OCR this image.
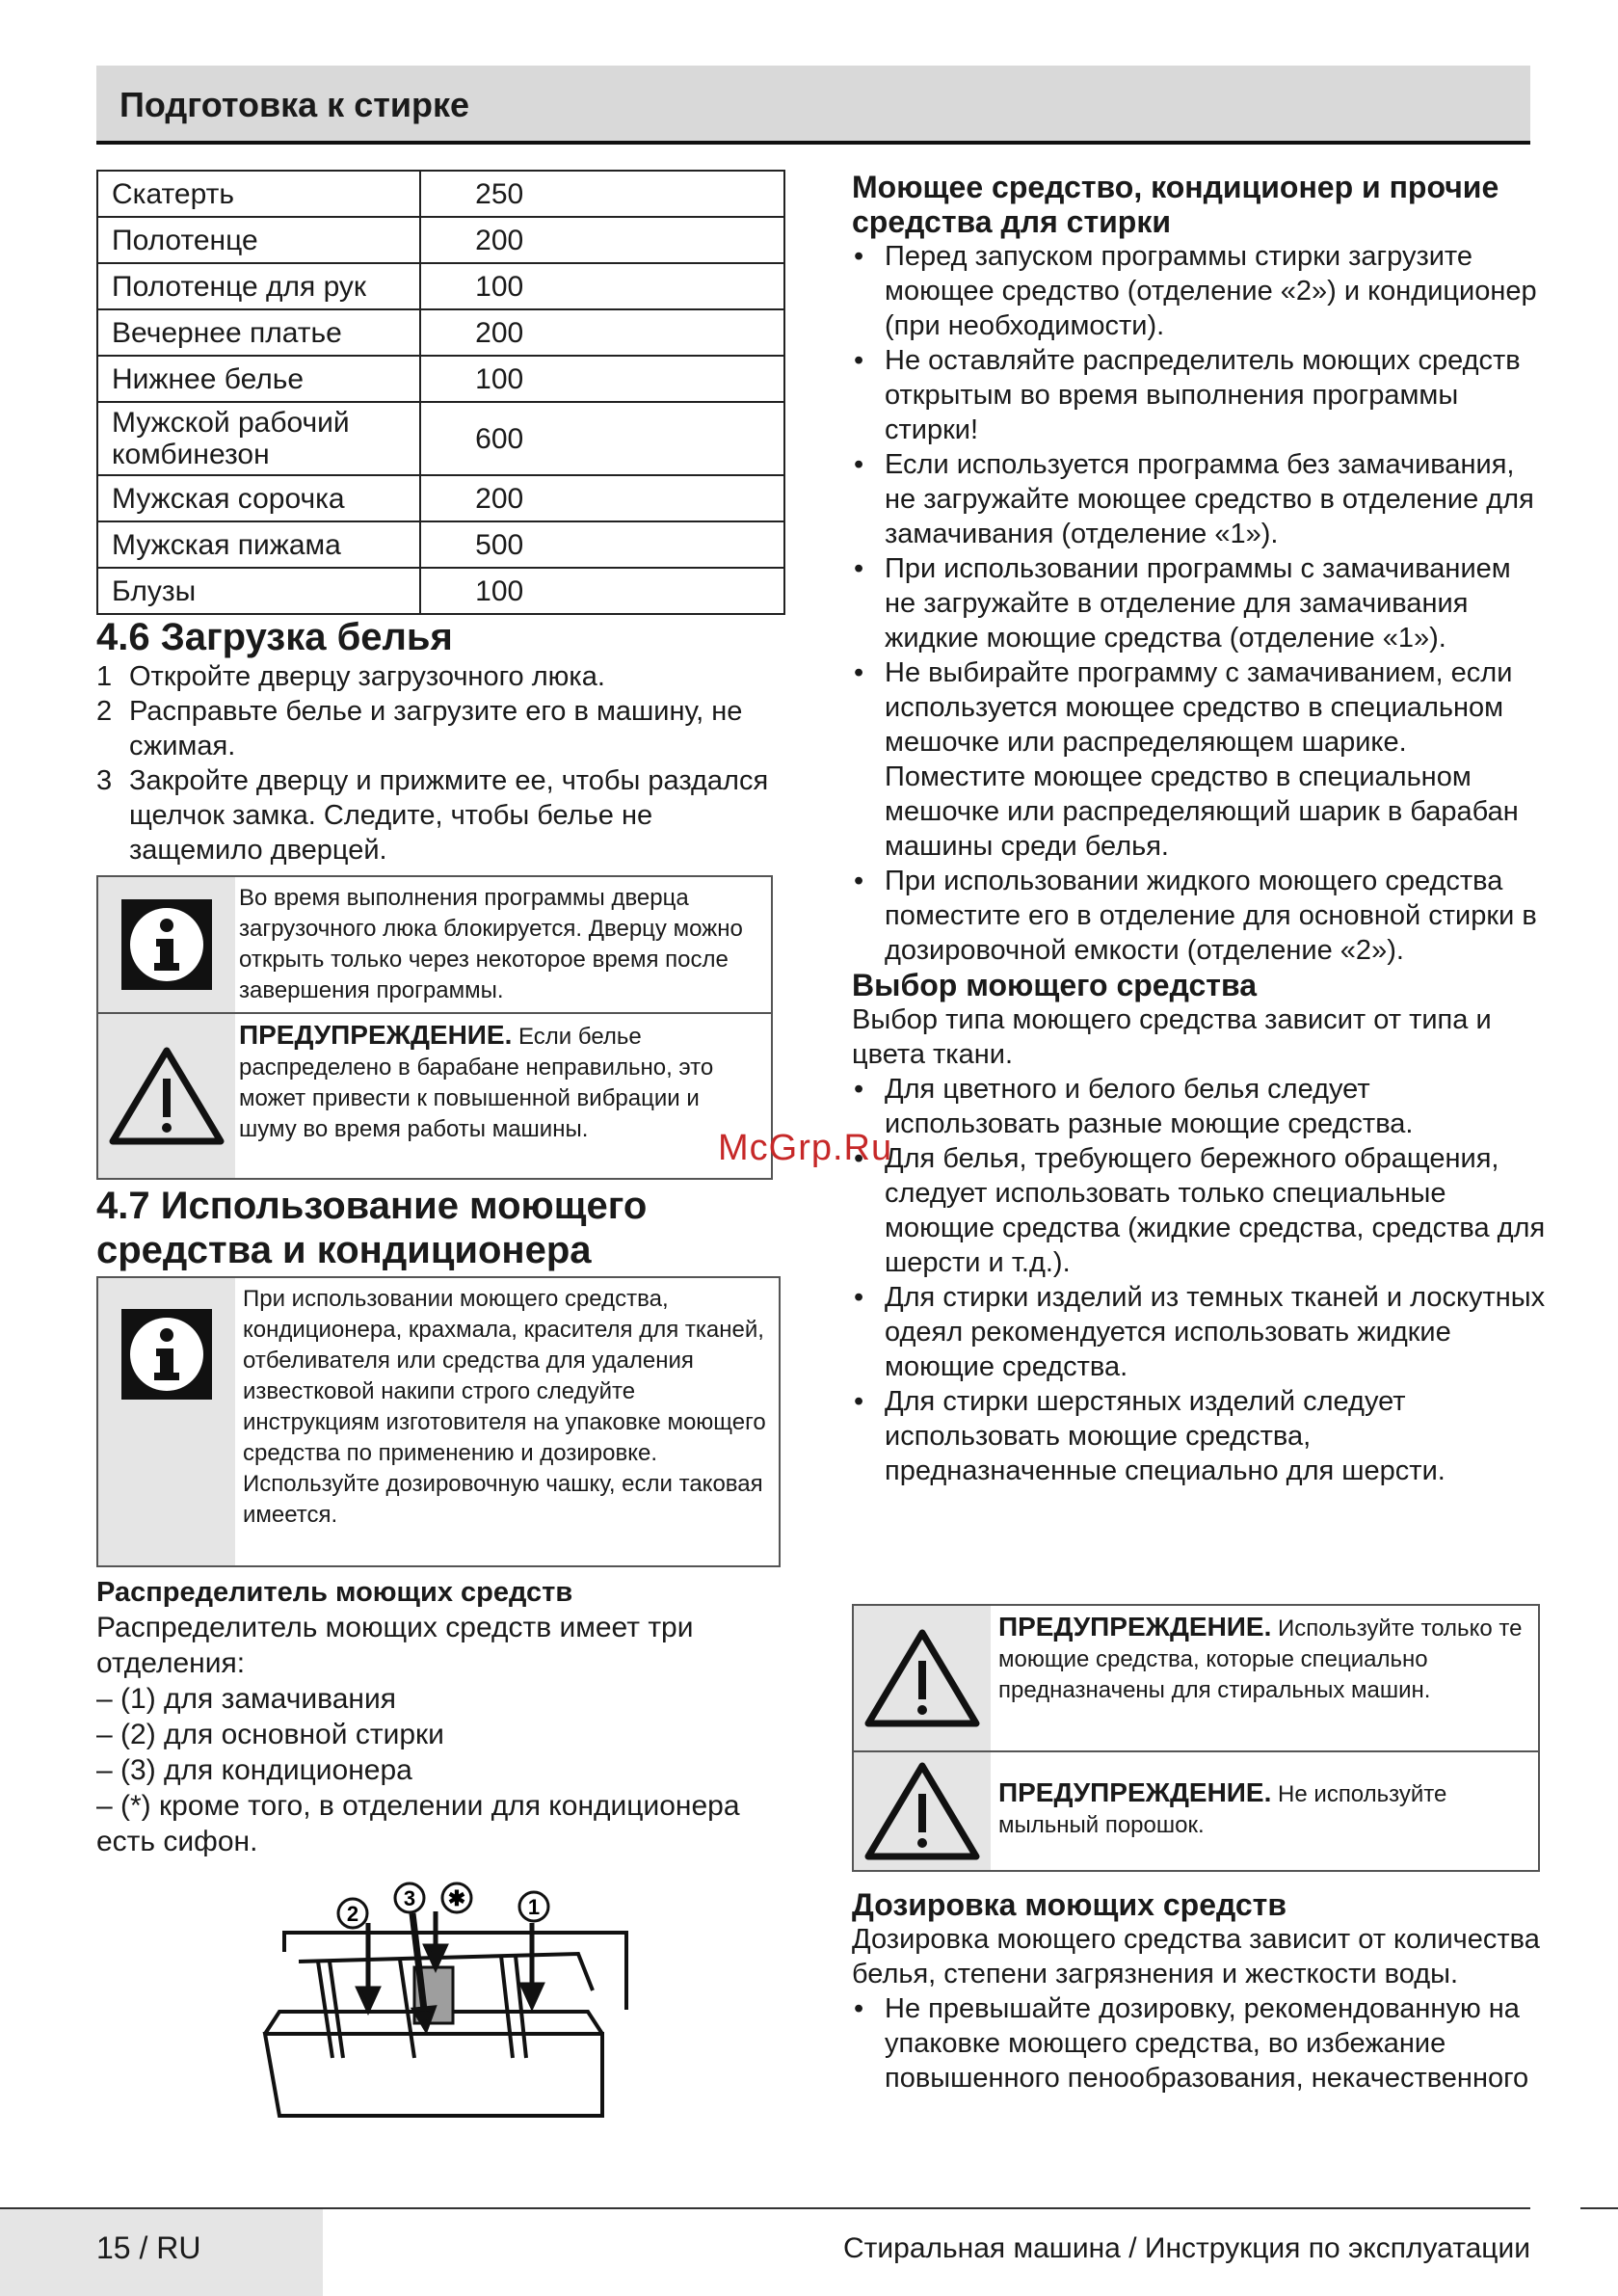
Подготовка к стирке
Скатерть	250
Полотенце	200
Полотенце для рук	100
Вечернее платье	200
Нижнее белье	100
Мужской рабочий комбинезон	600
Мужская сорочка	200
Мужская пижама	500
Блузы	100
4.6 Загрузка белья

1 Откройте дверцу загрузочного люка.

2 Расправьте белье и загрузите его в машину, не сжимая.

3 Закройте дверцу и прижмите ее, чтобы раздался щелчок замка. Следите, чтобы белье не защемило дверцей.

Во время выполнения программы дверца загрузочного люка блокируется. Дверцу можно открыть только через некоторое время после завершения программы.
ПРЕДУПРЕЖДЕНИЕ. Если белье распределено в барабане неправильно, это может привести к повышенной вибрации и шуму во время работы машины.
4.7 Использование моющего средства и кондиционера
При использовании моющего средства, кондиционера, крахмала, красителя для тканей, отбеливателя или средства для удаления известковой накипи строго следуйте инструкциям изготовителя на упаковке моющего средства по применению и дозировке. Используйте дозировочную чашку, если таковая имеется.

Распределитель моющих средств

Распределитель моющих средств имеет три отделения:
– (1) для замачивания
– (2) для основной стирки
– (3) для кондиционера
– (*) кроме того, в отделении для кондиционера есть сифон.
2
3 ✱	1

Моющее средство, кондиционер и прочие средства для стирки

• Перед запуском программы стирки загрузите моющее средство (отделение «2») и кондиционер (при необходимости).
• Не оставляйте распределитель моющих средств открытым во время выполнения программы стирки!
• Если используется программа без замачивания, не загружайте моющее средство в отделение для замачивания (отделение «1»).
• При использовании программы с замачиванием не загружайте в отделение для замачивания жидкие моющие средства (отделение «1»).
• Не выбирайте программу с замачиванием, если используется моющее средство в специальном мешочке или распределяющем шарике. Поместите моющее средство в специальном мешочке или распределяющий шарик в барабан машины среди белья.
• При использовании жидкого моющего средства поместите его в отделение для основной стирки в дозировочной емкости (отделение «2»).

Выбор моющего средства

Выбор типа моющего средства зависит от типа и цвета ткани.
• Для цветного и белого белья следует использовать разные моющие средства.
• Для белья, требующего бережного обращения, следует использовать только специальные моющие средства (жидкие средства, средства для шерсти и т.д.).
• Для стирки изделий из темных тканей и лоскутных одеял рекомендуется использовать жидкие моющие средства.
• Для стирки шерстяных изделий следует использовать моющие средства, предназначенные специально для шерсти.
ПРЕДУПРЕЖДЕНИЕ. Используйте только те моющие средства, которые специально предназначены для стиральных машин.
ПРЕДУПРЕЖДЕНИЕ. Не используйте мыльный порошок.

Дозировка моющих средств

Дозировка моющего средства зависит от количества белья, степени загрязнения и жесткости воды.
• Не превышайте дозировку, рекомендованную на упаковке моющего средства, во избежание повышенного пенообразования, некачественного
McGrp.Ru
15 / RU	Стиральная машина / Инструкция по эксплуатации
